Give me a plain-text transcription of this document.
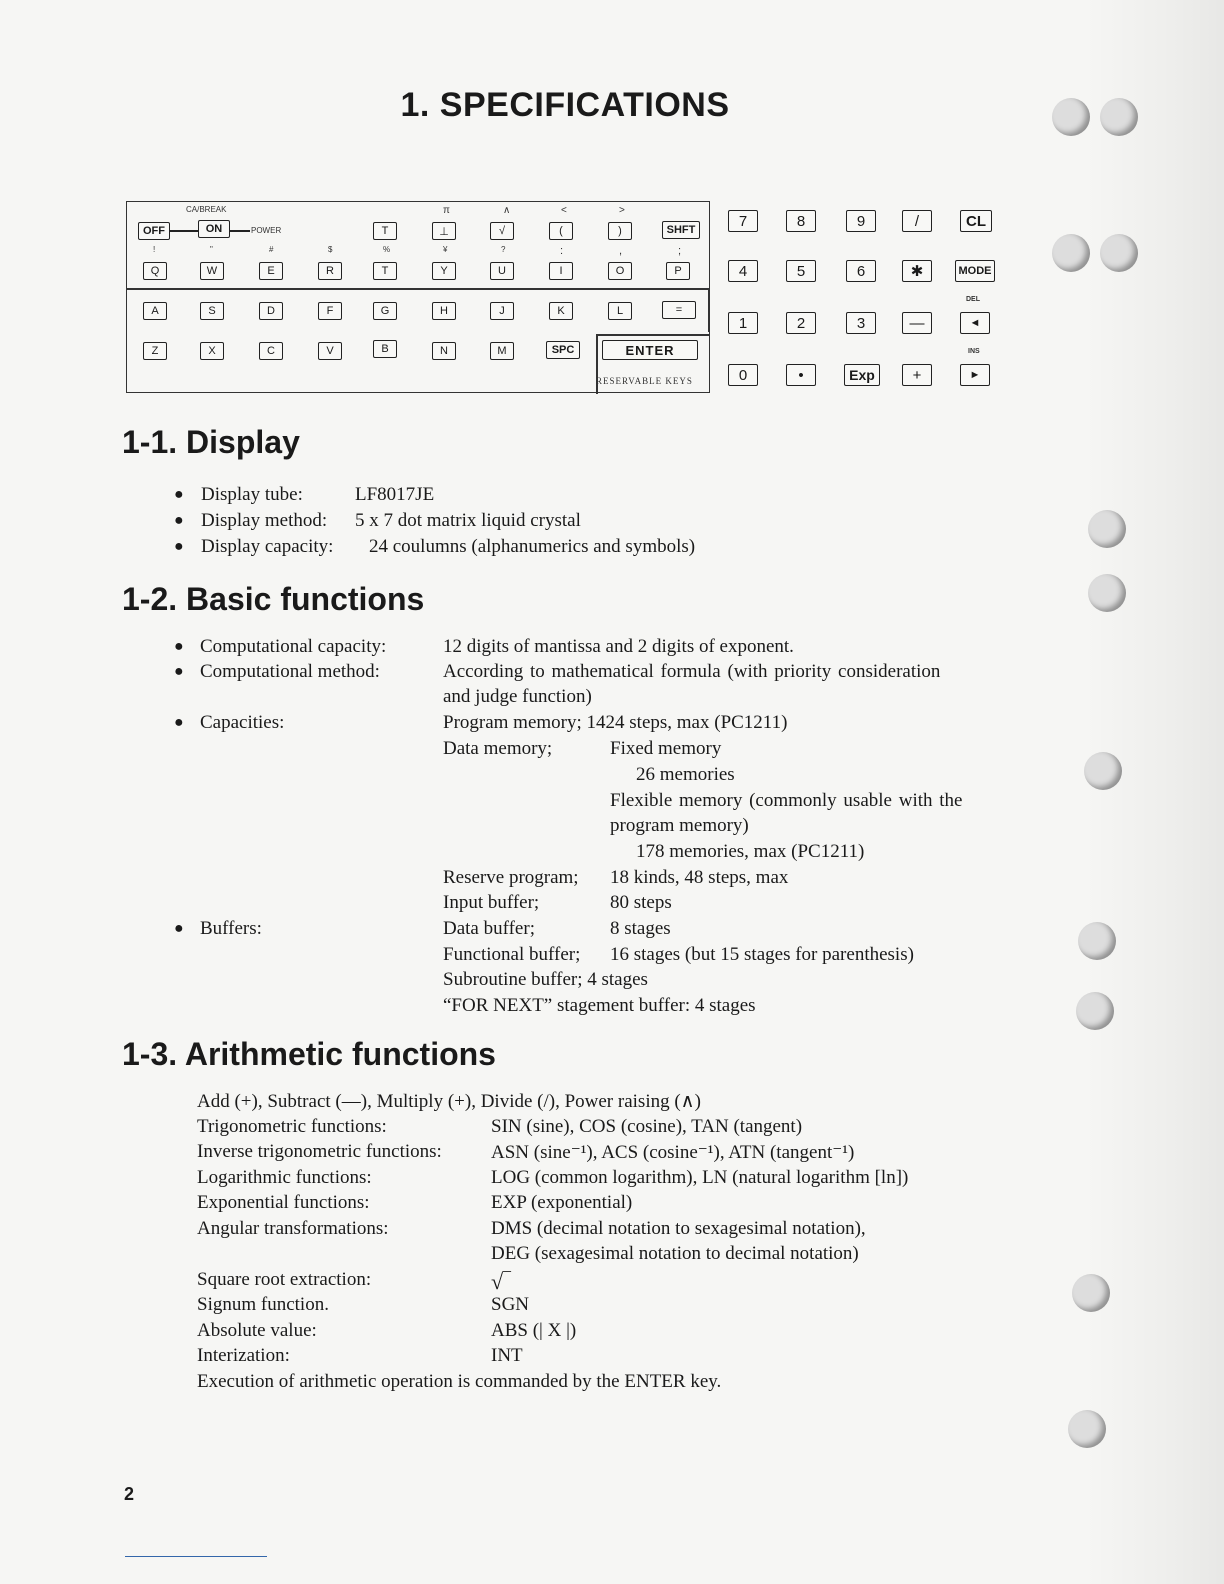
1. SPECIFICATIONS
CA/BREAK	π	∧	<	>
OFF	ON	POWER	T	⊥	√	(	)	SHFT
!	"	#	$	%	¥	?	:	,	;
Q	W	E	R	T	Y	U	I	O	P
A	S	D	F	G	H	J	K	L	=
Z	X	C	V	B	N	M	SPC	ENTER
RESERVABLE KEYS
7	8	9	/	CL
4	5	6	✱	MODE
DEL
1	2	3	—	◄
INS
0	•	Exp	+	►
1-1. Display
● Display tube:	LF8017JE
● Display method: 5 x 7 dot matrix liquid crystal
● Display capacity: 24 coulumns (alphanumerics and symbols)
1-2. Basic functions
● Computational capacity:	12 digits of mantissa and 2 digits of exponent.
● Computational method:	According to mathematical formula (with priority consideration
and judge function)
● Capacities:	Program memory; 1424 steps, max (PC1211)
Data memory;	Fixed memory
26 memories
Flexible memory (commonly usable with the
program memory)
178 memories, max (PC1211)
Reserve program; 18 kinds, 48 steps, max
Input buffer;	80 steps
● Buffers:	Data buffer;	8 stages
Functional buffer; 16 stages (but 15 stages for parenthesis)
Subroutine buffer; 4 stages
“FOR NEXT” stagement buffer: 4 stages
1-3. Arithmetic functions
Add (+), Subtract (—), Multiply (+), Divide (/), Power raising (∧)
Trigonometric functions:	SIN (sine), COS (cosine), TAN (tangent)
Inverse trigonometric functions:	ASN (sine⁻¹), ACS (cosine⁻¹), ATN (tangent⁻¹)
Logarithmic functions:	LOG (common logarithm), LN (natural logarithm [ln])
Exponential functions:	EXP (exponential)
Angular transformations:	DMS (decimal notation to sexagesimal notation),
DEG (sexagesimal notation to decimal notation)
Square root extraction:	√‾
Signum function.	SGN
Absolute value:	ABS (| X |)
Interization:	INT
Execution of arithmetic operation is commanded by the ENTER key.
2
